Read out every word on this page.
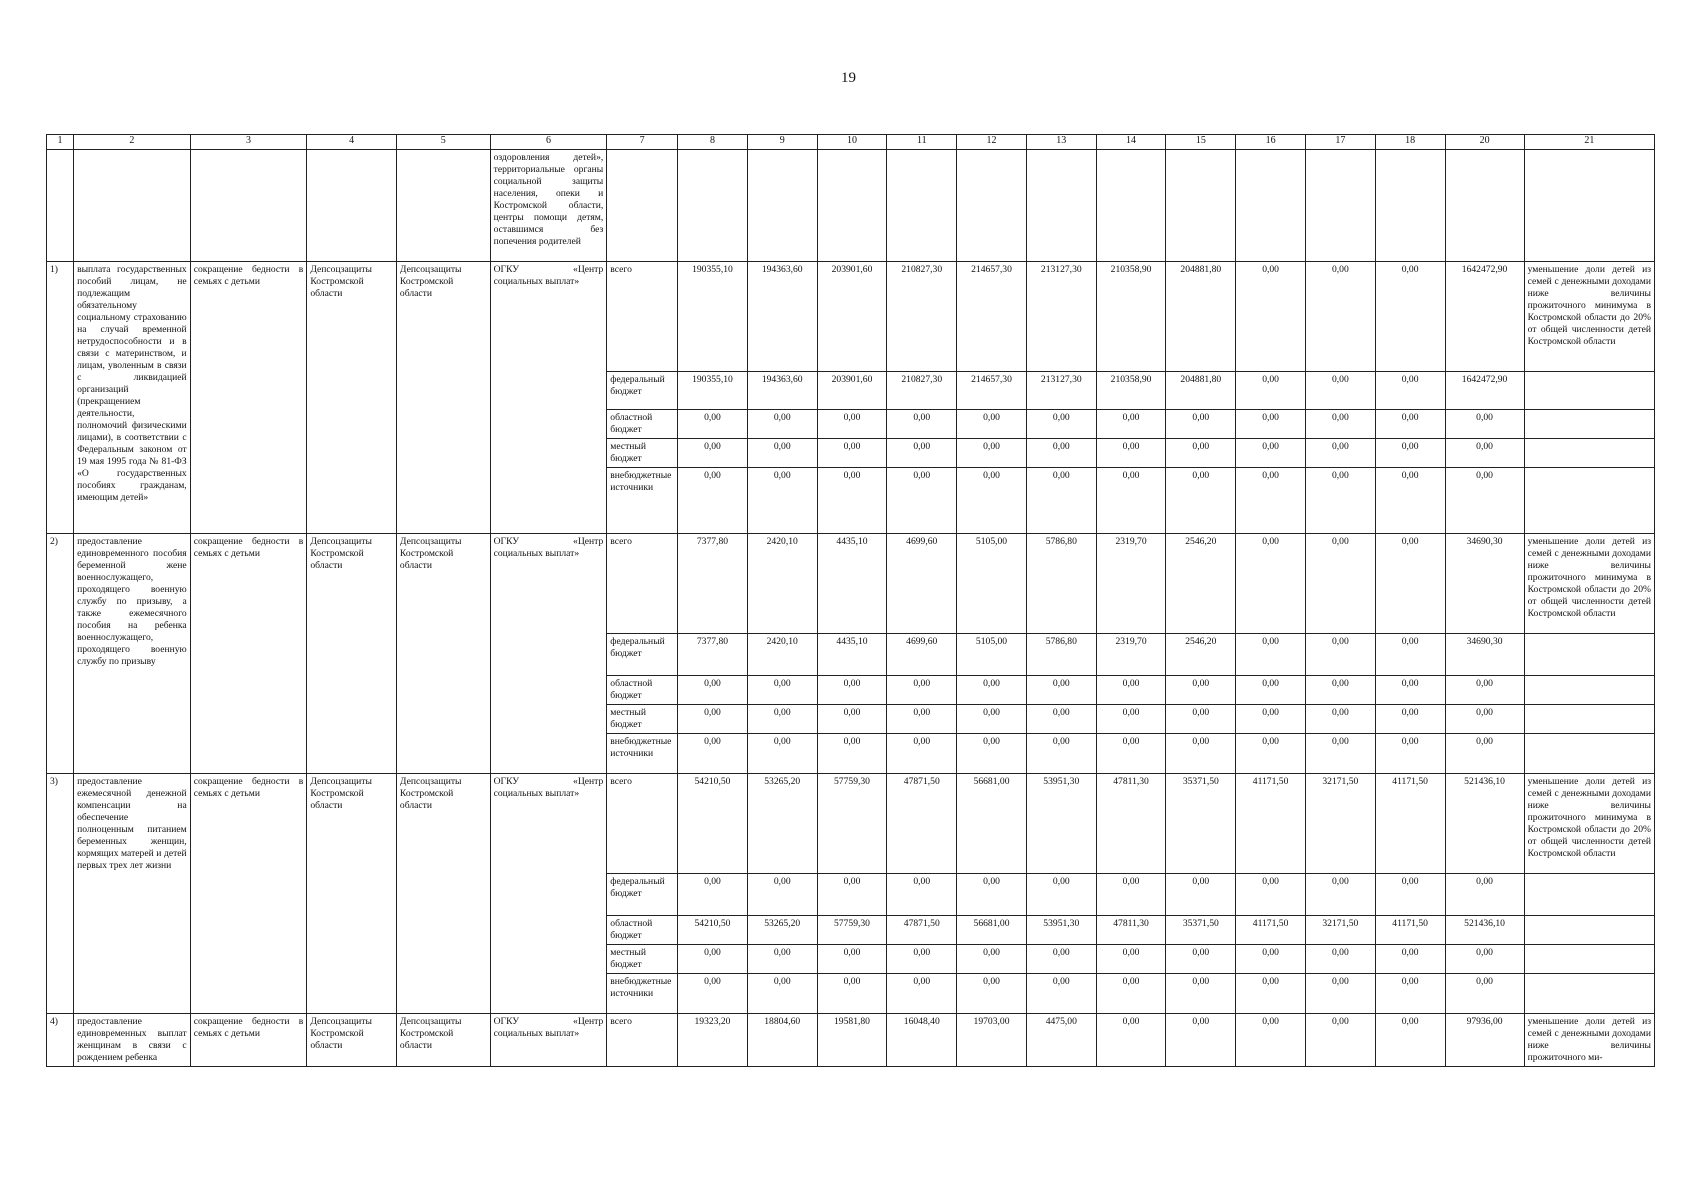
19
1	2	3	4	5	6	7	8	9	10	11	12	13	14	15	16	17	18	20	21
					оздоровления детей», территориальные органы социальной защиты населения, опеки и Костромской области, центры помощи детям, оставшимся без попечения родителей														
1)	выплата государственных пособий лицам, не подлежащим обязательному социальному страхованию на случай временной нетрудоспособности и в связи с материнством, и лицам, уволенным в связи с ликвидацией организаций (прекращением деятельности, полномочий физическими лицами), в соответствии с Федеральным законом от 19 мая 1995 года № 81-ФЗ «О государственных пособиях гражданам, имеющим детей»	сокращение бедности в семьях с детьми	Депсоцзащиты Костромской области	Депсоцзащиты Костромской области	ОГКУ «Центр социальных выплат»	всего	190355,10	194363,60	203901,60	210827,30	214657,30	213127,30	210358,90	204881,80	0,00	0,00	0,00	1642472,90	уменьшение доли детей из семей с денежными доходами ниже величины прожиточного минимума в Костромской области до 20% от общей численности детей Костромской области
						федеральный бюджет	190355,10	194363,60	203901,60	210827,30	214657,30	213127,30	210358,90	204881,80	0,00	0,00	0,00	1642472,90	
						областной бюджет	0,00	0,00	0,00	0,00	0,00	0,00	0,00	0,00	0,00	0,00	0,00	0,00	
						местный бюджет	0,00	0,00	0,00	0,00	0,00	0,00	0,00	0,00	0,00	0,00	0,00	0,00	
						внебюджетные источники	0,00	0,00	0,00	0,00	0,00	0,00	0,00	0,00	0,00	0,00	0,00	0,00	
2)	предоставление единовременного пособия беременной жене военнослужащего, проходящего военную службу по призыву, а также ежемесячного пособия на ребенка военнослужащего, проходящего военную службу по призыву	сокращение бедности в семьях с детьми	Депсоцзащиты Костромской области	Депсоцзащиты Костромской области	ОГКУ «Центр социальных выплат»	всего	7377,80	2420,10	4435,10	4699,60	5105,00	5786,80	2319,70	2546,20	0,00	0,00	0,00	34690,30	уменьшение доли детей из семей с денежными доходами ниже величины прожиточного минимума в Костромской области до 20% от общей численности детей Костромской области
						федеральный бюджет	7377,80	2420,10	4435,10	4699,60	5105,00	5786,80	2319,70	2546,20	0,00	0,00	0,00	34690,30	
						областной бюджет	0,00	0,00	0,00	0,00	0,00	0,00	0,00	0,00	0,00	0,00	0,00	0,00	
						местный бюджет	0,00	0,00	0,00	0,00	0,00	0,00	0,00	0,00	0,00	0,00	0,00	0,00	
						внебюджетные источники	0,00	0,00	0,00	0,00	0,00	0,00	0,00	0,00	0,00	0,00	0,00	0,00	
3)	предоставление ежемесячной денежной компенсации на обеспечение полноценным питанием беременных женщин, кормящих матерей и детей первых трех лет жизни	сокращение бедности в семьях с детьми	Депсоцзащиты Костромской области	Депсоцзащиты Костромской области	ОГКУ «Центр социальных выплат»	всего	54210,50	53265,20	57759,30	47871,50	56681,00	53951,30	47811,30	35371,50	41171,50	32171,50	41171,50	521436,10	уменьшение доли детей из семей с денежными доходами ниже величины прожиточного минимума в Костромской области до 20% от общей численности детей Костромской области
						федеральный бюджет	0,00	0,00	0,00	0,00	0,00	0,00	0,00	0,00	0,00	0,00	0,00	0,00	
						областной бюджет	54210,50	53265,20	57759,30	47871,50	56681,00	53951,30	47811,30	35371,50	41171,50	32171,50	41171,50	521436,10	
						местный бюджет	0,00	0,00	0,00	0,00	0,00	0,00	0,00	0,00	0,00	0,00	0,00	0,00	
						внебюджетные источники	0,00	0,00	0,00	0,00	0,00	0,00	0,00	0,00	0,00	0,00	0,00	0,00	
4)	предоставление единовременных выплат женщинам в связи с рождением ребенка	сокращение бедности в семьях с детьми	Депсоцзащиты Костромской области	Депсоцзащиты Костромской области	ОГКУ «Центр социальных выплат»	всего	19323,20	18804,60	19581,80	16048,40	19703,00	4475,00	0,00	0,00	0,00	0,00	0,00	97936,00	уменьшение доли детей из семей с денежными доходами ниже величины прожиточного ми-
